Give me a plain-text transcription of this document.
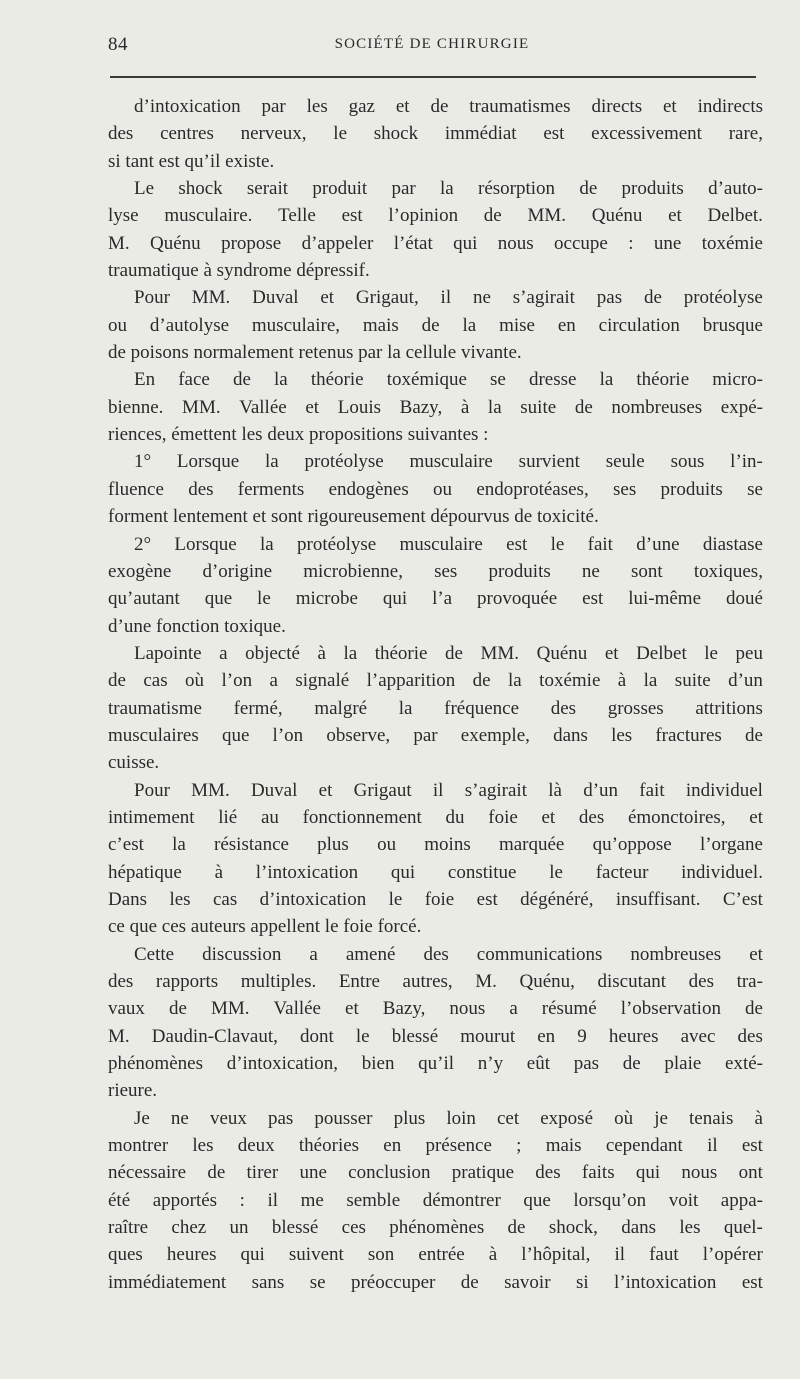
84	SOCIÉTÉ DE CHIRURGIE
d’intoxication par les gaz et de traumatismes directs et indirects
des centres nerveux, le shock immédiat est excessivement rare,
si tant est qu’il existe.
Le shock serait produit par la résorption de produits d’auto-
lyse musculaire. Telle est l’opinion de MM. Quénu et Delbet.
M. Quénu propose d’appeler l’état qui nous occupe : une toxémie
traumatique à syndrome dépressif.
Pour MM. Duval et Grigaut, il ne s’agirait pas de protéolyse
ou d’autolyse musculaire, mais de la mise en circulation brusque
de poisons normalement retenus par la cellule vivante.
En face de la théorie toxémique se dresse la théorie micro-
bienne. MM. Vallée et Louis Bazy, à la suite de nombreuses expé-
riences, émettent les deux propositions suivantes :
1° Lorsque la protéolyse musculaire survient seule sous l’in-
fluence des ferments endogènes ou endoprotéases, ses produits se
forment lentement et sont rigoureusement dépourvus de toxicité.
2° Lorsque la protéolyse musculaire est le fait d’une diastase
exogène d’origine microbienne, ses produits ne sont toxiques,
qu’autant que le microbe qui l’a provoquée est lui-même doué
d’une fonction toxique.
Lapointe a objecté à la théorie de MM. Quénu et Delbet le peu
de cas où l’on a signalé l’apparition de la toxémie à la suite d’un
traumatisme fermé, malgré la fréquence des grosses attritions
musculaires que l’on observe, par exemple, dans les fractures de
cuisse.
Pour MM. Duval et Grigaut il s’agirait là d’un fait individuel
intimement lié au fonctionnement du foie et des émonctoires, et
c’est la résistance plus ou moins marquée qu’oppose l’organe
hépatique à l’intoxication qui constitue le facteur individuel.
Dans les cas d’intoxication le foie est dégénéré, insuffisant. C’est
ce que ces auteurs appellent le foie forcé.
Cette discussion a amené des communications nombreuses et
des rapports multiples. Entre autres, M. Quénu, discutant des tra-
vaux de MM. Vallée et Bazy, nous a résumé l’observation de
M. Daudin-Clavaut, dont le blessé mourut en 9 heures avec des
phénomènes d’intoxication, bien qu’il n’y eût pas de plaie exté-
rieure.
Je ne veux pas pousser plus loin cet exposé où je tenais à
montrer les deux théories en présence ; mais cependant il est
nécessaire de tirer une conclusion pratique des faits qui nous ont
été apportés : il me semble démontrer que lorsqu’on voit appa-
raître chez un blessé ces phénomènes de shock, dans les quel-
ques heures qui suivent son entrée à l’hôpital, il faut l’opérer
immédiatement sans se préoccuper de savoir si l’intoxication est
